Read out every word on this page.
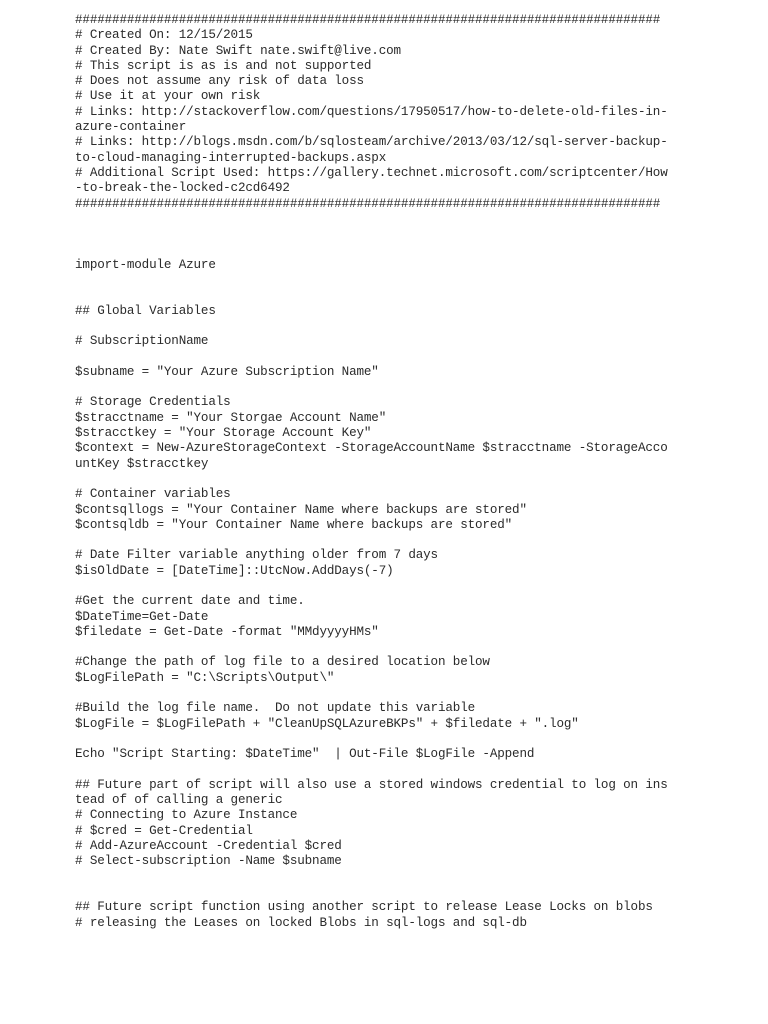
###############################################################################
# Created On: 12/15/2015
# Created By: Nate Swift nate.swift@live.com
# This script is as is and not supported
# Does not assume any risk of data loss
# Use it at your own risk
# Links: http://stackoverflow.com/questions/17950517/how-to-delete-old-files-in-
azure-container
# Links: http://blogs.msdn.com/b/sqlosteam/archive/2013/03/12/sql-server-backup-
to-cloud-managing-interrupted-backups.aspx
# Additional Script Used: https://gallery.technet.microsoft.com/scriptcenter/How
-to-break-the-locked-c2cd6492
###############################################################################
import-module Azure
## Global Variables
# SubscriptionName
$subname = "Your Azure Subscription Name"
# Storage Credentials
$stracctname = "Your Storgae Account Name"
$stracctkey = "Your Storage Account Key"
$context = New-AzureStorageContext -StorageAccountName $stracctname -StorageAcco
untKey $stracctkey
# Container variables
$contsqllogs = "Your Container Name where backups are stored"
$contsqldb = "Your Container Name where backups are stored"
# Date Filter variable anything older from 7 days
$isOldDate = [DateTime]::UtcNow.AddDays(-7)
#Get the current date and time.
$DateTime=Get-Date
$filedate = Get-Date -format "MMdyyyyHMs"
#Change the path of log file to a desired location below
$LogFilePath = "C:\Scripts\Output\"
#Build the log file name.  Do not update this variable
$LogFile = $LogFilePath + "CleanUpSQLAzureBKPs" + $filedate + ".log"
Echo "Script Starting: $DateTime"  | Out-File $LogFile -Append
## Future part of script will also use a stored windows credential to log on ins
tead of of calling a generic
# Connecting to Azure Instance
# $cred = Get-Credential
# Add-AzureAccount -Credential $cred
# Select-subscription -Name $subname
## Future script function using another script to release Lease Locks on blobs
# releasing the Leases on locked Blobs in sql-logs and sql-db
